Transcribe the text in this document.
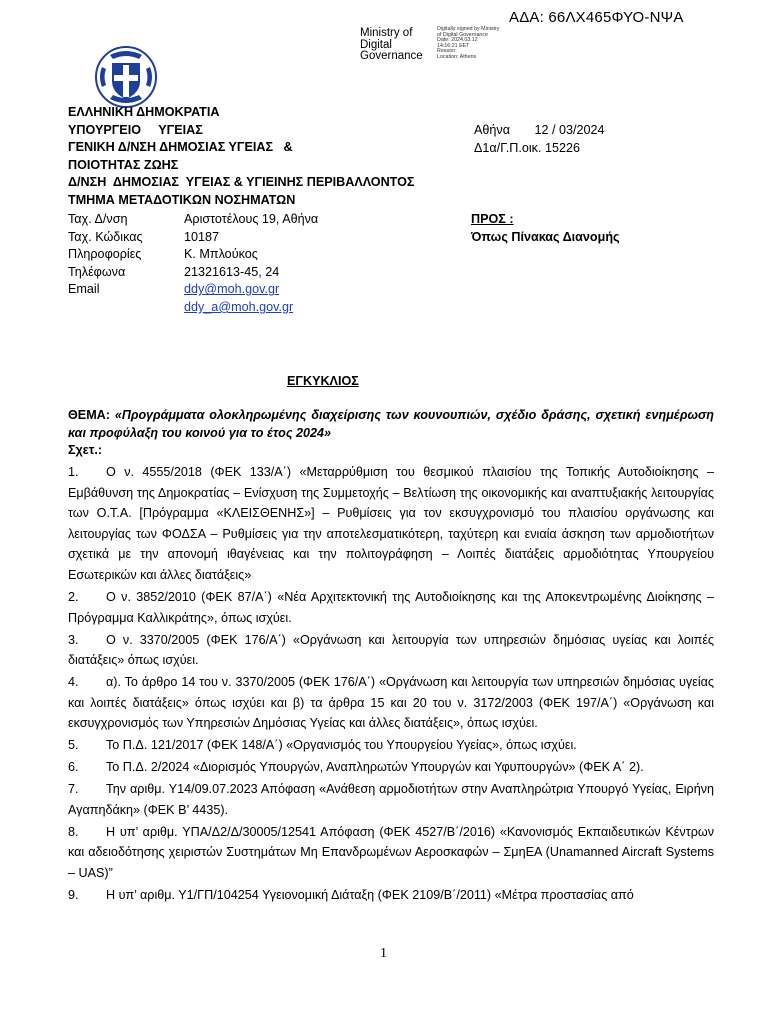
ΑΔΑ: 66ΛΧ465ΦΥΟ-ΝΨΑ
Ministry of
Digital
Governance
Digitally signed by Ministry
of Digital Governance
Date: 2024.03.12
14:16:21 EET
Reason:
Location: Athens
ΕΛΛΗΝΙΚΗ ΔΗΜΟΚΡΑΤΙΑ
ΥΠΟΥΡΓΕΙΟ     ΥΓΕΙΑΣ
ΓΕΝΙΚΗ Δ/ΝΣΗ ΔΗΜΟΣΙΑΣ ΥΓΕΙΑΣ   &
ΠΟΙΟΤΗΤΑΣ ΖΩΗΣ
Δ/ΝΣΗ  ΔΗΜΟΣΙΑΣ  ΥΓΕΙΑΣ & ΥΓΙΕΙΝΗΣ ΠΕΡΙΒΑΛΛΟΝΤΟΣ
ΤΜΗΜΑ ΜΕΤΑΔΟΤΙΚΩΝ ΝΟΣΗΜΑΤΩΝ
Αθήνα       12 / 03/2024
Δ1α/Γ.Π.οικ. 15226
Ταχ. Δ/νση	Αριστοτέλους 19, Αθήνα
Ταχ. Κώδικας	10187
Πληροφορίες	Κ. Μπλούκος
Τηλέφωνα	21321613-45, 24
Email	ddy@moh.gov.gr
ddy_a@moh.gov.gr
ΠΡΟΣ :
Όπως Πίνακας Διανομής
ΕΓΚΥΚΛΙΟΣ
ΘΕΜΑ: «Προγράμματα ολοκληρωμένης διαχείρισης των κουνουπιών, σχέδιο δράσης, σχετική ενημέρωση και προφύλαξη του κοινού για το έτος 2024»
Σχετ.:

1. Ο ν. 4555/2018 (ΦΕΚ 133/Α΄) «Μεταρρύθμιση του θεσμικού πλαισίου της Τοπικής Αυτοδιοίκησης – Εμβάθυνση της Δημοκρατίας – Ενίσχυση της Συμμετοχής – Βελτίωση της οικονομικής και αναπτυξιακής λειτουργίας των Ο.Τ.Α. [Πρόγραμμα «ΚΛΕΙΣΘΕΝΗΣ»] – Ρυθμίσεις για τον εκσυγχρονισμό του πλαισίου οργάνωσης και λειτουργίας των ΦΟΔΣΑ – Ρυθμίσεις για την αποτελεσματικότερη, ταχύτερη και ενιαία άσκηση των αρμοδιοτήτων σχετικά με την απονομή ιθαγένειας και την πολιτογράφηση – Λοιπές διατάξεις αρμοδιότητας Υπουργείου Εσωτερικών και άλλες διατάξεις»

2. Ο ν. 3852/2010 (ΦΕΚ 87/Α΄) «Νέα Αρχιτεκτονική της Αυτοδιοίκησης και της Αποκεντρωμένης Διοίκησης – Πρόγραμμα Καλλικράτης», όπως ισχύει.

3. Ο ν. 3370/2005 (ΦΕΚ 176/Α΄) «Οργάνωση και λειτουργία των υπηρεσιών δημόσιας υγείας και λοιπές διατάξεις» όπως ισχύει.

4. α). Το άρθρο 14 του ν. 3370/2005 (ΦΕΚ 176/Α΄) «Οργάνωση και λειτουργία των υπηρεσιών δημόσιας υγείας και λοιπές διατάξεις» όπως ισχύει και β) τα άρθρα 15 και 20 του ν. 3172/2003 (ΦΕΚ 197/Α΄) «Οργάνωση και εκσυγχρονισμός των Υπηρεσιών Δημόσιας Υγείας και άλλες διατάξεις», όπως ισχύει.

5. Το Π.Δ. 121/2017 (ΦΕΚ 148/Α΄) «Οργανισμός του Υπουργείου Υγείας», όπως ισχύει.

6. Το Π.Δ. 2/2024 «Διορισμός Υπουργών, Αναπληρωτών Υπουργών και Υφυπουργών» (ΦΕΚ Α΄ 2).

7. Την αριθμ. Υ14/09.07.2023 Απόφαση «Ανάθεση αρμοδιοτήτων στην Αναπληρώτρια Υπουργό Υγείας, Ειρήνη Αγαπηδάκη» (ΦΕΚ Β’ 4435).

8. Η υπ’ αριθμ. ΥΠΑ/Δ2/Δ/30005/12541 Απόφαση (ΦΕΚ 4527/Β΄/2016) «Κανονισμός Εκπαιδευτικών Κέντρων και αδειοδότησης χειριστών Συστημάτων Μη Επανδρωμένων Αεροσκαφών – ΣμηΕΑ (Unamanned Aircraft Systems – UAS)”

9. Η υπ’ αριθμ. Υ1/ΓΠ/104254 Υγειονομική Διάταξη (ΦΕΚ 2109/Β΄/2011) «Μέτρα προστασίας από

1
